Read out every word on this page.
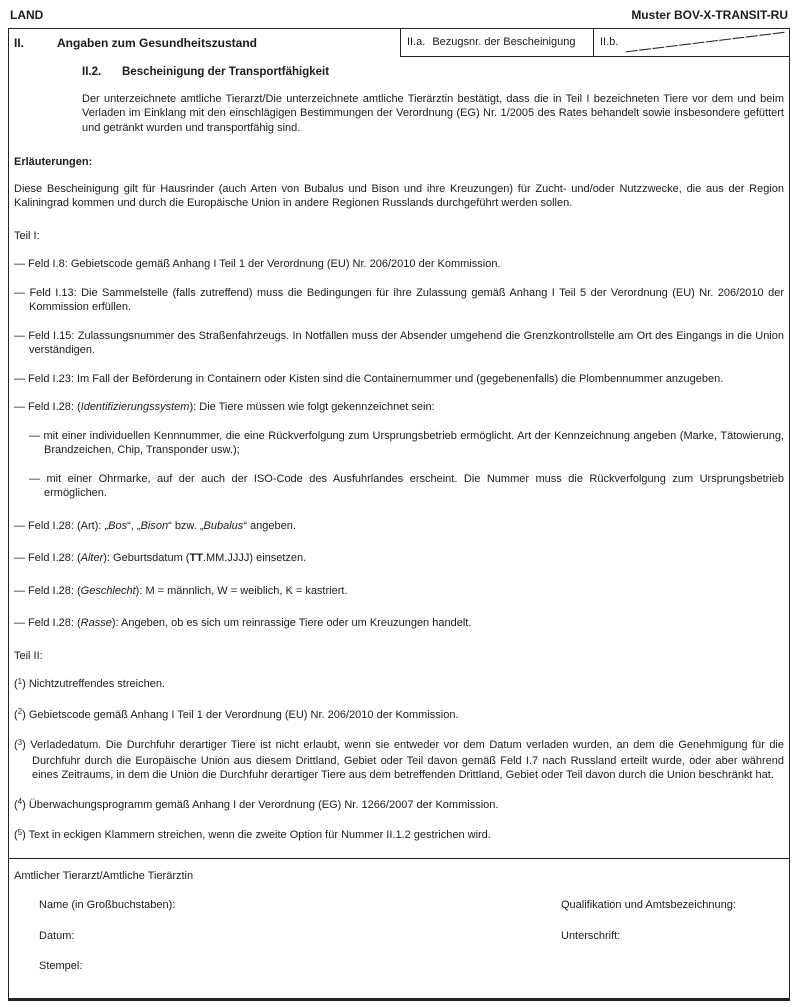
LAND	Muster BOV-X-TRANSIT-RU
II.	Angaben zum Gesundheitszustand	II.a. Bezugsnr. der Bescheinigung	II.b.
II.2. Bescheinigung der Transportfähigkeit

Der unterzeichnete amtliche Tierarzt/Die unterzeichnete amtliche Tierärztin bestätigt, dass die in Teil I bezeichneten Tiere vor dem und beim Verladen im Einklang mit den einschlägigen Bestimmungen der Verordnung (EG) Nr. 1/2005 des Rates behandelt sowie insbesondere gefüttert und getränkt wurden und transportfähig sind.

Erläuterungen:

Diese Bescheinigung gilt für Hausrinder (auch Arten von Bubalus und Bison und ihre Kreuzungen) für Zucht- und/oder Nutzzwecke, die aus der Region Kaliningrad kommen und durch die Europäische Union in andere Regionen Russlands durchgeführt werden sollen.

Teil I:

— Feld I.8: Gebietscode gemäß Anhang I Teil 1 der Verordnung (EU) Nr. 206/2010 der Kommission.
— Feld I.13: Die Sammelstelle (falls zutreffend) muss die Bedingungen für ihre Zulassung gemäß Anhang I Teil 5 der Verordnung (EU) Nr. 206/2010 der Kommission erfüllen.
— Feld I.15: Zulassungsnummer des Straßenfahrzeugs. In Notfällen muss der Absender umgehend die Grenzkontrollstelle am Ort des Eingangs in die Union verständigen.
— Feld I.23: Im Fall der Beförderung in Containern oder Kisten sind die Containernummer und (gegebenenfalls) die Plombennummer anzugeben.
— Feld I.28: (Identifizierungssystem): Die Tiere müssen wie folgt gekennzeichnet sein:
— mit einer individuellen Kennnummer, die eine Rückverfolgung zum Ursprungsbetrieb ermöglicht. Art der Kennzeichnung angeben (Marke, Tätowierung, Brandzeichen, Chip, Transponder usw.);
— mit einer Ohrmarke, auf der auch der ISO-Code des Ausfuhrlandes erscheint. Die Nummer muss die Rückverfolgung zum Ursprungsbetrieb ermöglichen.
— Feld I.28: (Art): „Bos“, „Bison“ bzw. „Bubalus“ angeben.
— Feld I.28: (Alter): Geburtsdatum (TT.MM.JJJJ) einsetzen.
— Feld I.28: (Geschlecht): M = männlich, W = weiblich, K = kastriert.
— Feld I.28: (Rasse): Angeben, ob es sich um reinrassige Tiere oder um Kreuzungen handelt.

Teil II:

($^1$) Nichtzutreffendes streichen.
($^2$) Gebietscode gemäß Anhang I Teil 1 der Verordnung (EU) Nr. 206/2010 der Kommission.
($^3$) Verladedatum. Die Durchfuhr derartiger Tiere ist nicht erlaubt, wenn sie entweder vor dem Datum verladen wurden, an dem die Genehmigung für die Durchfuhr durch die Europäische Union aus diesem Drittland, Gebiet oder Teil davon gemäß Feld I.7 nach Russland erteilt wurde, oder aber während eines Zeitraums, in dem die Union die Durchfuhr derartiger Tiere aus dem betreffenden Drittland, Gebiet oder Teil davon durch die Union beschränkt hat.
($^4$) Überwachungsprogramm gemäß Anhang I der Verordnung (EG) Nr. 1266/2007 der Kommission.
($^5$) Text in eckigen Klammern streichen, wenn die zweite Option für Nummer II.1.2 gestrichen wird.
Amtlicher Tierarzt/Amtliche Tierärztin
Name (in Großbuchstaben):	Qualifikation und Amtsbezeichnung:
Datum:	Unterschrift:
Stempel:
